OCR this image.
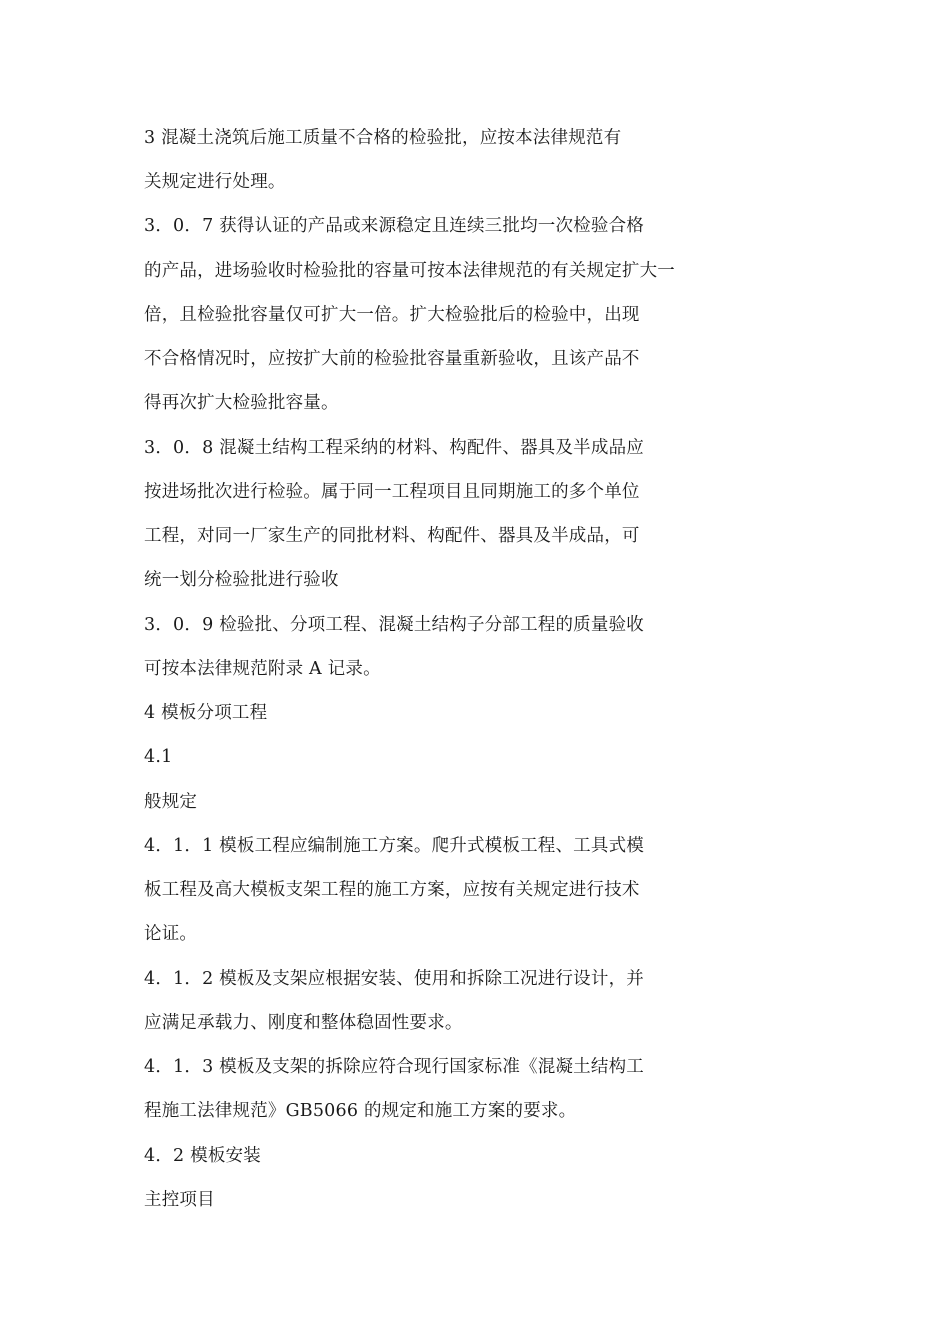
3 混凝土浇筑后施工质量不合格的检验批，应按本法律规范有
关规定进行处理。
3．0．7 获得认证的产品或来源稳定且连续三批均一次检验合格
的产品，进场验收时检验批的容量可按本法律规范的有关规定扩大一
倍，且检验批容量仅可扩大一倍。扩大检验批后的检验中，出现
不合格情况时，应按扩大前的检验批容量重新验收，且该产品不
得再次扩大检验批容量。
3．0．8 混凝土结构工程采纳的材料、构配件、器具及半成品应
按进场批次进行检验。属于同一工程项目且同期施工的多个单位
工程，对同一厂家生产的同批材料、构配件、器具及半成品，可
统一划分检验批进行验收
3．0．9 检验批、分项工程、混凝土结构子分部工程的质量验收
可按本法律规范附录 A 记录。
4 模板分项工程
4.1
般规定
4．1．1 模板工程应编制施工方案。爬升式模板工程、工具式模
板工程及高大模板支架工程的施工方案，应按有关规定进行技术
论证。
4．1．2 模板及支架应根据安装、使用和拆除工况进行设计，并
应满足承载力、刚度和整体稳固性要求。
4．1．3 模板及支架的拆除应符合现行国家标准《混凝土结构工
程施工法律规范》GB5066 的规定和施工方案的要求。
4．2 模板安装
主控项目
